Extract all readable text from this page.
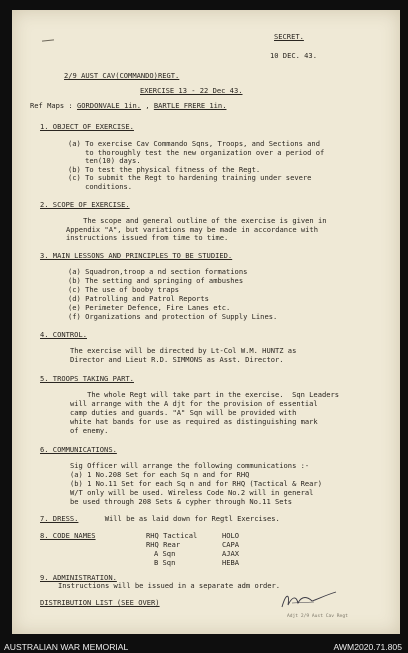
SECRET.
10 DEC. 43.
2/9 AUST CAV(COMMANDO)REGT.
EXERCISE 13 - 22 Dec 43.
Ref Maps : GORDONVALE 1in. , BARTLE FRERE 1in.
1. OBJECT OF EXERCISE.
(a) To exercise Cav Commando Sqns, Troops, and Sections and
to thoroughly test the new organization over a period of
ten(10) days.
(b) To test the physical fitness of the Regt.
(c) To submit the Regt to hardening training under severe
conditions.
2. SCOPE OF EXERCISE.
The scope and general outline of the exercise is given in
Appendix "A", but variations may be made in accordance with
instructions issued from time to time.
3. MAIN LESSONS AND PRINCIPLES TO BE STUDIED.
(a) Squadron,troop a nd section formations
(b) The setting and springing of ambushes
(c) The use of booby traps
(d) Patrolling and Patrol Reports
(e) Perimeter Defence, Fire Lanes etc.
(f) Organizations and protection of Supply Lines.
4. CONTROL.
The exercise will be directed by Lt-Col W.M. HUNTZ as
Director and Lieut R.D. SIMMONS as Asst. Director.
5. TROOPS TAKING PART.
The whole Regt will take part in the exercise.  Sqn Leaders
will arrange with the A djt for the provision of essential
camp duties and guards. "A" Sqn will be provided with
white hat bands for use as required as distinguishing mark
of enemy.
6. COMMUNICATIONS.
Sig Officer will arrange the following communications :-
(a) 1 No.208 Set for each Sq n and for RHQ
(b) 1 No.11 Set for each Sq n and for RHQ (Tactical & Rear)
W/T only will be used. Wireless Code No.2 will in general
be used through 208 Sets & cypher through No.11 Sets
7. DRESS.	Will be as laid down for Regtl Exercises.
8. CODE NAMES	RHQ Tactical	HOLO
RHQ Rear	CAPA
A Sqn	AJAX
B Sqn	HEBA
9. ADMINISTRATION.
Instructions will be issued in a separate adm order.
DISTRIBUTION LIST (SEE OVER)
Adjt 2/9 Aust Cav Regt
AUSTRALIAN WAR MEMORIAL	AWM2020.71.805
